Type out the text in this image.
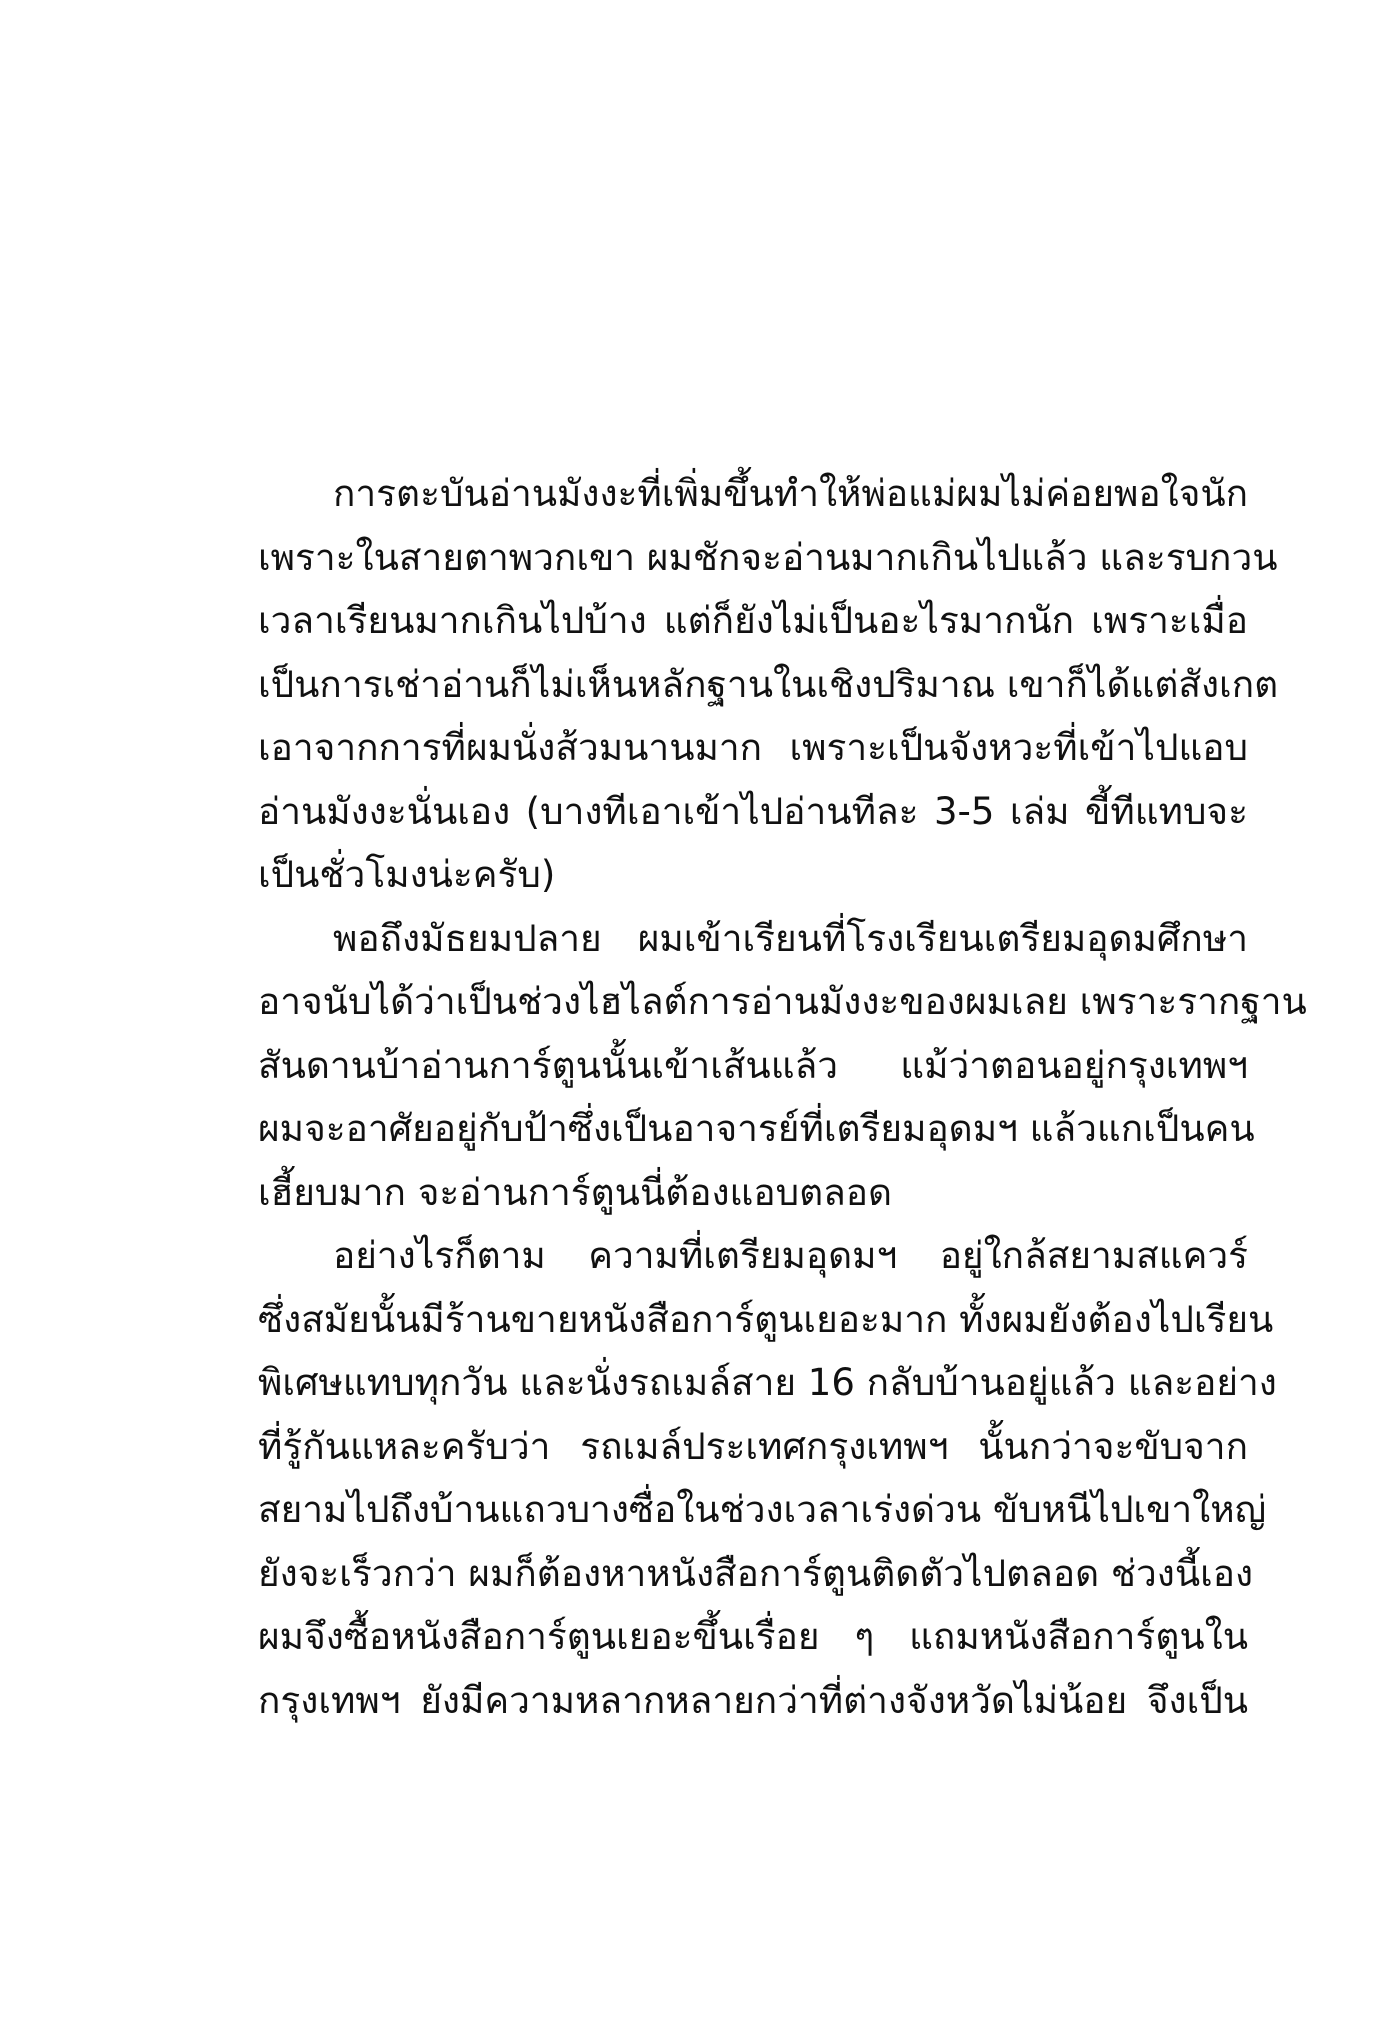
การตะบันอ่านมังงะที่เพิ่มขึ้นทำให้พ่อแม่ผมไม่ค่อยพอใจนัก
เพราะในสายตาพวกเขา ผมชักจะอ่านมากเกินไปแล้ว และรบกวน
เวลาเรียนมากเกินไปบ้าง แต่ก็ยังไม่เป็นอะไรมากนัก เพราะเมื่อ
เป็นการเช่าอ่านก็ไม่เห็นหลักฐานในเชิงปริมาณ เขาก็ได้แต่สังเกต
เอาจากการที่ผมนั่งส้วมนานมาก เพราะเป็นจังหวะที่เข้าไปแอบ
อ่านมังงะนั่นเอง (บางทีเอาเข้าไปอ่านทีละ 3-5 เล่ม ขี้ทีแทบจะ
เป็นชั่วโมงน่ะครับ)
พอถึงมัธยมปลาย ผมเข้าเรียนที่โรงเรียนเตรียมอุดมศึกษา
อาจนับได้ว่าเป็นช่วงไฮไลต์การอ่านมังงะของผมเลย เพราะรากฐาน
สันดานบ้าอ่านการ์ตูนนั้นเข้าเส้นแล้ว แม้ว่าตอนอยู่กรุงเทพฯ
ผมจะอาศัยอยู่กับป้าซึ่งเป็นอาจารย์ที่เตรียมอุดมฯ แล้วแกเป็นคน
เฮี้ยบมาก จะอ่านการ์ตูนนี่ต้องแอบตลอด
อย่างไรก็ตาม ความที่เตรียมอุดมฯ อยู่ใกล้สยามสแควร์
ซึ่งสมัยนั้นมีร้านขายหนังสือการ์ตูนเยอะมาก ทั้งผมยังต้องไปเรียน
พิเศษแทบทุกวัน และนั่งรถเมล์สาย 16 กลับบ้านอยู่แล้ว และอย่าง
ที่รู้กันแหละครับว่า รถเมล์ประเทศกรุงเทพฯ นั้นกว่าจะขับจาก
สยามไปถึงบ้านแถวบางซื่อในช่วงเวลาเร่งด่วน ขับหนีไปเขาใหญ่
ยังจะเร็วกว่า ผมก็ต้องหาหนังสือการ์ตูนติดตัวไปตลอด ช่วงนี้เอง
ผมจึงซื้อหนังสือการ์ตูนเยอะขึ้นเรื่อย ๆ แถมหนังสือการ์ตูนใน
กรุงเทพฯ ยังมีความหลากหลายกว่าที่ต่างจังหวัดไม่น้อย จึงเป็น
